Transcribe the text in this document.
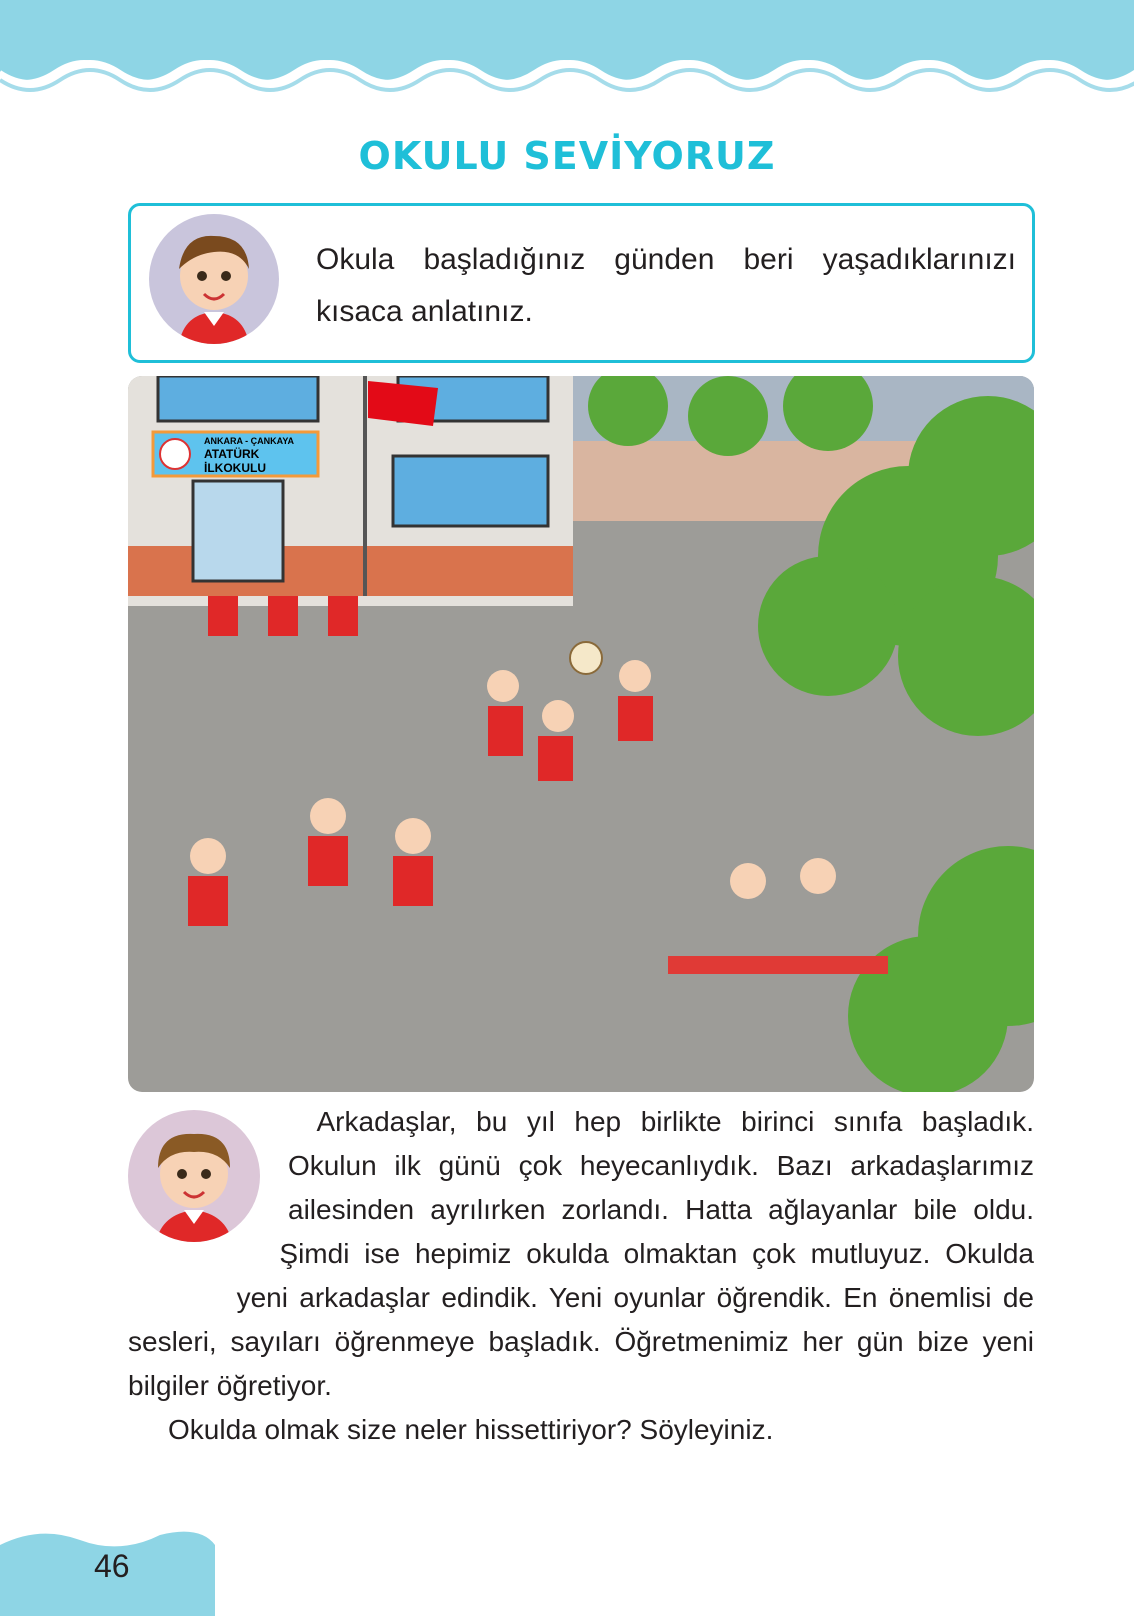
OKULU SEVİYORUZ

Okula başladığınız günden beri yaşadıklarınızı kısaca anlatınız.

ANKARA - ÇANKAYA
ATATÜRK
İLKOKULU
Arkadaşlar, bu yıl hep birlikte birinci sınıfa başladık. Okulun ilk günü çok heyecanlıydık. Bazı arkadaşlarımız ailesinden ayrılırken zorlandı. Hatta ağlayanlar bile oldu. Şimdi ise hepimiz okulda olmaktan çok mutluyuz. Okulda yeni arkadaşlar edindik. Yeni oyunlar öğrendik. En önemlisi de sesleri, sayıları öğrenmeye başladık. Öğretmenimiz her gün bize yeni bilgiler öğretiyor.
Okulda olmak size neler hissettiriyor? Söyleyiniz.
46
